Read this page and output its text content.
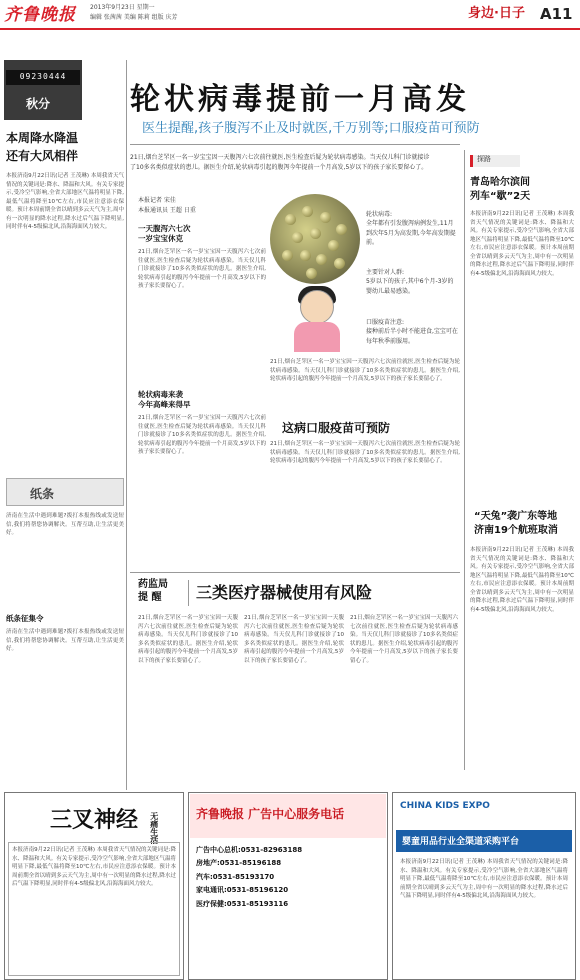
齐鲁晚报 2013年9月23日 星期一
编辑 张茜茜 美编 陈莉 组版 庆芳	身边·日子 A11
09230444
秋分
本周降水降温
还有大风相伴
本报济南9月22日讯(记者 王茂琳) 本周我省天气情况的关键词是:降水、降温和大风。有关专家提示,受冷空气影响,全省大部地区气温将明显下降,最低气温将降至10℃左右,市民应注意添衣保暖。预计本周前期全省以晴到多云天气为主,周中有一次明显的降水过程,降水过后气温下降明显,同时伴有4-5级偏北风,沿海海面风力较大。
纸条
济南在生活中遇到难题?拨打本报热线或发送短信,我们将帮您协调解决。互帮互助,让生活更美好。
纸条征集令
济南在生活中遇到难题?拨打本报热线或发送短信,我们将帮您协调解决。互帮互助,让生活更美好。
轮状病毒提前一月高发
医生提醒,孩子腹泻不止及时就医,千万别等;口服疫苗可预防
21日,烟台芝罘区一名一岁宝宝因一天腹泻六七次前往就医,医生检查后疑为轮状病毒感染。当天仅儿科门诊就接诊了10多名类似症状的患儿。据医生介绍,轮状病毒引起的腹泻今年提前一个月高发,5岁以下的孩子家长要留心了。
本报记者 宋佳
本报通讯员 王超 日重
一天腹泻六七次
一岁宝宝休克
21日,烟台芝罘区一名一岁宝宝因一天腹泻六七次前往就医,医生检查后疑为轮状病毒感染。当天仅儿科门诊就接诊了10多名类似症状的患儿。据医生介绍,轮状病毒引起的腹泻今年提前一个月高发,5岁以下的孩子家长要留心了。
轮状病毒来袭
今年高峰来得早
21日,烟台芝罘区一名一岁宝宝因一天腹泻六七次前往就医,医生检查后疑为轮状病毒感染。当天仅儿科门诊就接诊了10多名类似症状的患儿。据医生介绍,轮状病毒引起的腹泻今年提前一个月高发,5岁以下的孩子家长要留心了。
轮状病毒:
全年都有引发腹泻病例发生,11月到次年5月为高发期,今年高发期提前。
主要针对人群:
5岁以下的孩子,其中6个月-3岁的婴幼儿最易感染。
口服疫苗注意:
接种前后半小时不能进食,宝宝可在每年秋季前服用。
21日,烟台芝罘区一名一岁宝宝因一天腹泻六七次前往就医,医生检查后疑为轮状病毒感染。当天仅儿科门诊就接诊了10多名类似症状的患儿。据医生介绍,轮状病毒引起的腹泻今年提前一个月高发,5岁以下的孩子家长要留心了。
这病口服疫苗可预防
21日,烟台芝罘区一名一岁宝宝因一天腹泻六七次前往就医,医生检查后疑为轮状病毒感染。当天仅儿科门诊就接诊了10多名类似症状的患儿。据医生介绍,轮状病毒引起的腹泻今年提前一个月高发,5岁以下的孩子家长要留心了。
探路
青岛哈尔滨间
列车“歇”2天
本报济南9月22日讯(记者 王茂琳) 本周我省天气情况的关键词是:降水、降温和大风。有关专家提示,受冷空气影响,全省大部地区气温将明显下降,最低气温将降至10℃左右,市民应注意添衣保暖。预计本周前期全省以晴到多云天气为主,周中有一次明显的降水过程,降水过后气温下降明显,同时伴有4-5级偏北风,沿海海面风力较大。
“天兔”袭广东等地
济南19个航班取消
本报济南9月22日讯(记者 王茂琳) 本周我省天气情况的关键词是:降水、降温和大风。有关专家提示,受冷空气影响,全省大部地区气温将明显下降,最低气温将降至10℃左右,市民应注意添衣保暖。预计本周前期全省以晴到多云天气为主,周中有一次明显的降水过程,降水过后气温下降明显,同时伴有4-5级偏北风,沿海海面风力较大。
药监局
提 醒	三类医疗器械使用有风险
21日,烟台芝罘区一名一岁宝宝因一天腹泻六七次前往就医,医生检查后疑为轮状病毒感染。当天仅儿科门诊就接诊了10多名类似症状的患儿。据医生介绍,轮状病毒引起的腹泻今年提前一个月高发,5岁以下的孩子家长要留心了。
21日,烟台芝罘区一名一岁宝宝因一天腹泻六七次前往就医,医生检查后疑为轮状病毒感染。当天仅儿科门诊就接诊了10多名类似症状的患儿。据医生介绍,轮状病毒引起的腹泻今年提前一个月高发,5岁以下的孩子家长要留心了。
21日,烟台芝罘区一名一岁宝宝因一天腹泻六七次前往就医,医生检查后疑为轮状病毒感染。当天仅儿科门诊就接诊了10多名类似症状的患儿。据医生介绍,轮状病毒引起的腹泻今年提前一个月高发,5岁以下的孩子家长要留心了。
三叉神经 无痛生活
本报济南9月22日讯(记者 王茂琳) 本周我省天气情况的关键词是:降水、降温和大风。有关专家提示,受冷空气影响,全省大部地区气温将明显下降,最低气温将降至10℃左右,市民应注意添衣保暖。预计本周前期全省以晴到多云天气为主,周中有一次明显的降水过程,降水过后气温下降明显,同时伴有4-5级偏北风,沿海海面风力较大。
齐鲁晚报 广告中心服务电话
广告中心总机:0531-82963188
房地产:0531-85196188
汽车:0531-85193170
家电通讯:0531-85196120
医疗保健:0531-85193116
CHINA KIDS EXPO
婴童用品行业全渠道采购平台
本报济南9月22日讯(记者 王茂琳) 本周我省天气情况的关键词是:降水、降温和大风。有关专家提示,受冷空气影响,全省大部地区气温将明显下降,最低气温将降至10℃左右,市民应注意添衣保暖。预计本周前期全省以晴到多云天气为主,周中有一次明显的降水过程,降水过后气温下降明显,同时伴有4-5级偏北风,沿海海面风力较大。
